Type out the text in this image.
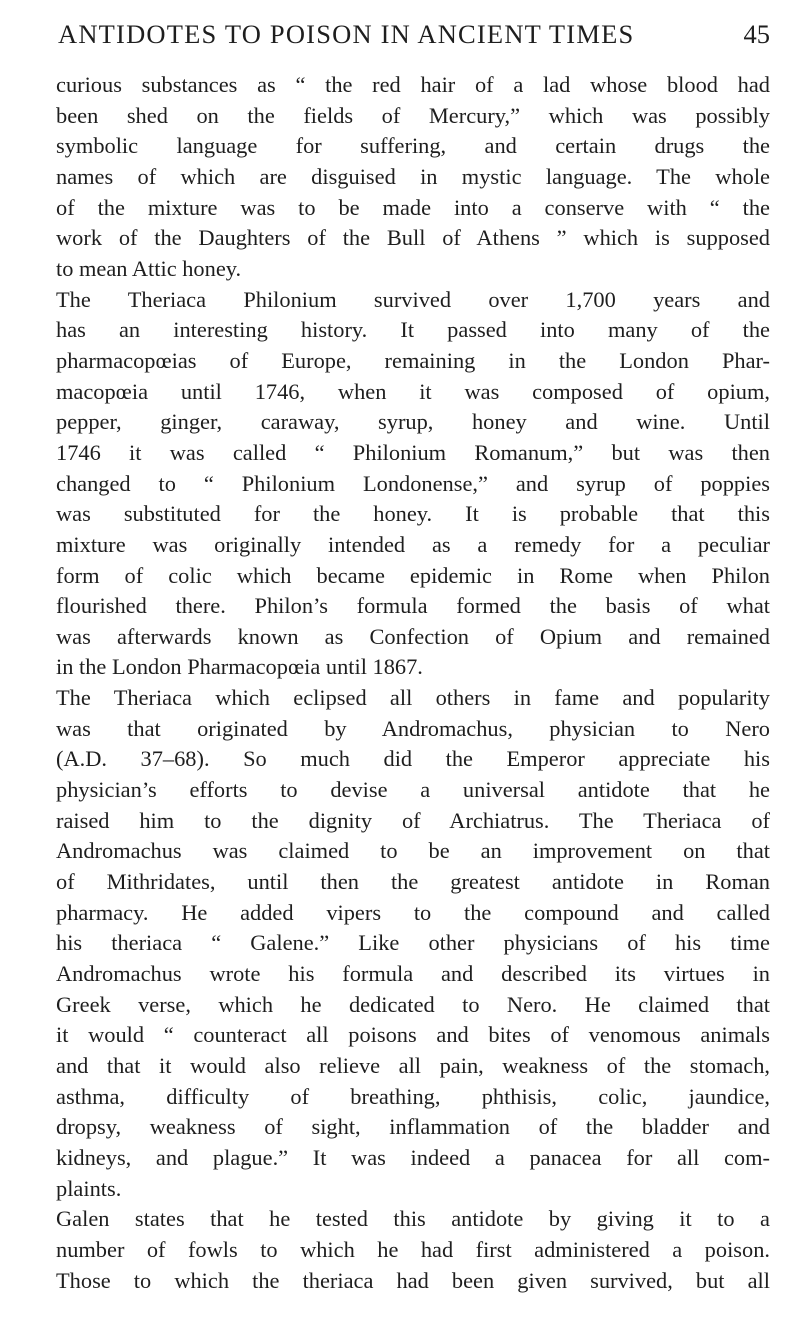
ANTIDOTES TO POISON IN ANCIENT TIMES	45
curious substances as “ the red hair of a lad whose blood had
been shed on the fields of Mercury,” which was possibly
symbolic language for suffering, and certain drugs the
names of which are disguised in mystic language. The whole
of the mixture was to be made into a conserve with “ the
work of the Daughters of the Bull of Athens ” which is supposed
to mean Attic honey.
The Theriaca Philonium survived over 1,700 years and
has an interesting history. It passed into many of the
pharmacopœias of Europe, remaining in the London Phar-
macopœia until 1746, when it was composed of opium,
pepper, ginger, caraway, syrup, honey and wine. Until
1746 it was called “ Philonium Romanum,” but was then
changed to “ Philonium Londonense,” and syrup of poppies
was substituted for the honey. It is probable that this
mixture was originally intended as a remedy for a peculiar
form of colic which became epidemic in Rome when Philon
flourished there. Philon’s formula formed the basis of what
was afterwards known as Confection of Opium and remained
in the London Pharmacopœia until 1867.
The Theriaca which eclipsed all others in fame and popularity
was that originated by Andromachus, physician to Nero
(A.D. 37–68). So much did the Emperor appreciate his
physician’s efforts to devise a universal antidote that he
raised him to the dignity of Archiatrus. The Theriaca of
Andromachus was claimed to be an improvement on that
of Mithridates, until then the greatest antidote in Roman
pharmacy. He added vipers to the compound and called
his theriaca “ Galene.” Like other physicians of his time
Andromachus wrote his formula and described its virtues in
Greek verse, which he dedicated to Nero. He claimed that
it would “ counteract all poisons and bites of venomous animals
and that it would also relieve all pain, weakness of the stomach,
asthma, difficulty of breathing, phthisis, colic, jaundice,
dropsy, weakness of sight, inflammation of the bladder and
kidneys, and plague.” It was indeed a panacea for all com-
plaints.
Galen states that he tested this antidote by giving it to a
number of fowls to which he had first administered a poison.
Those to which the theriaca had been given survived, but all
